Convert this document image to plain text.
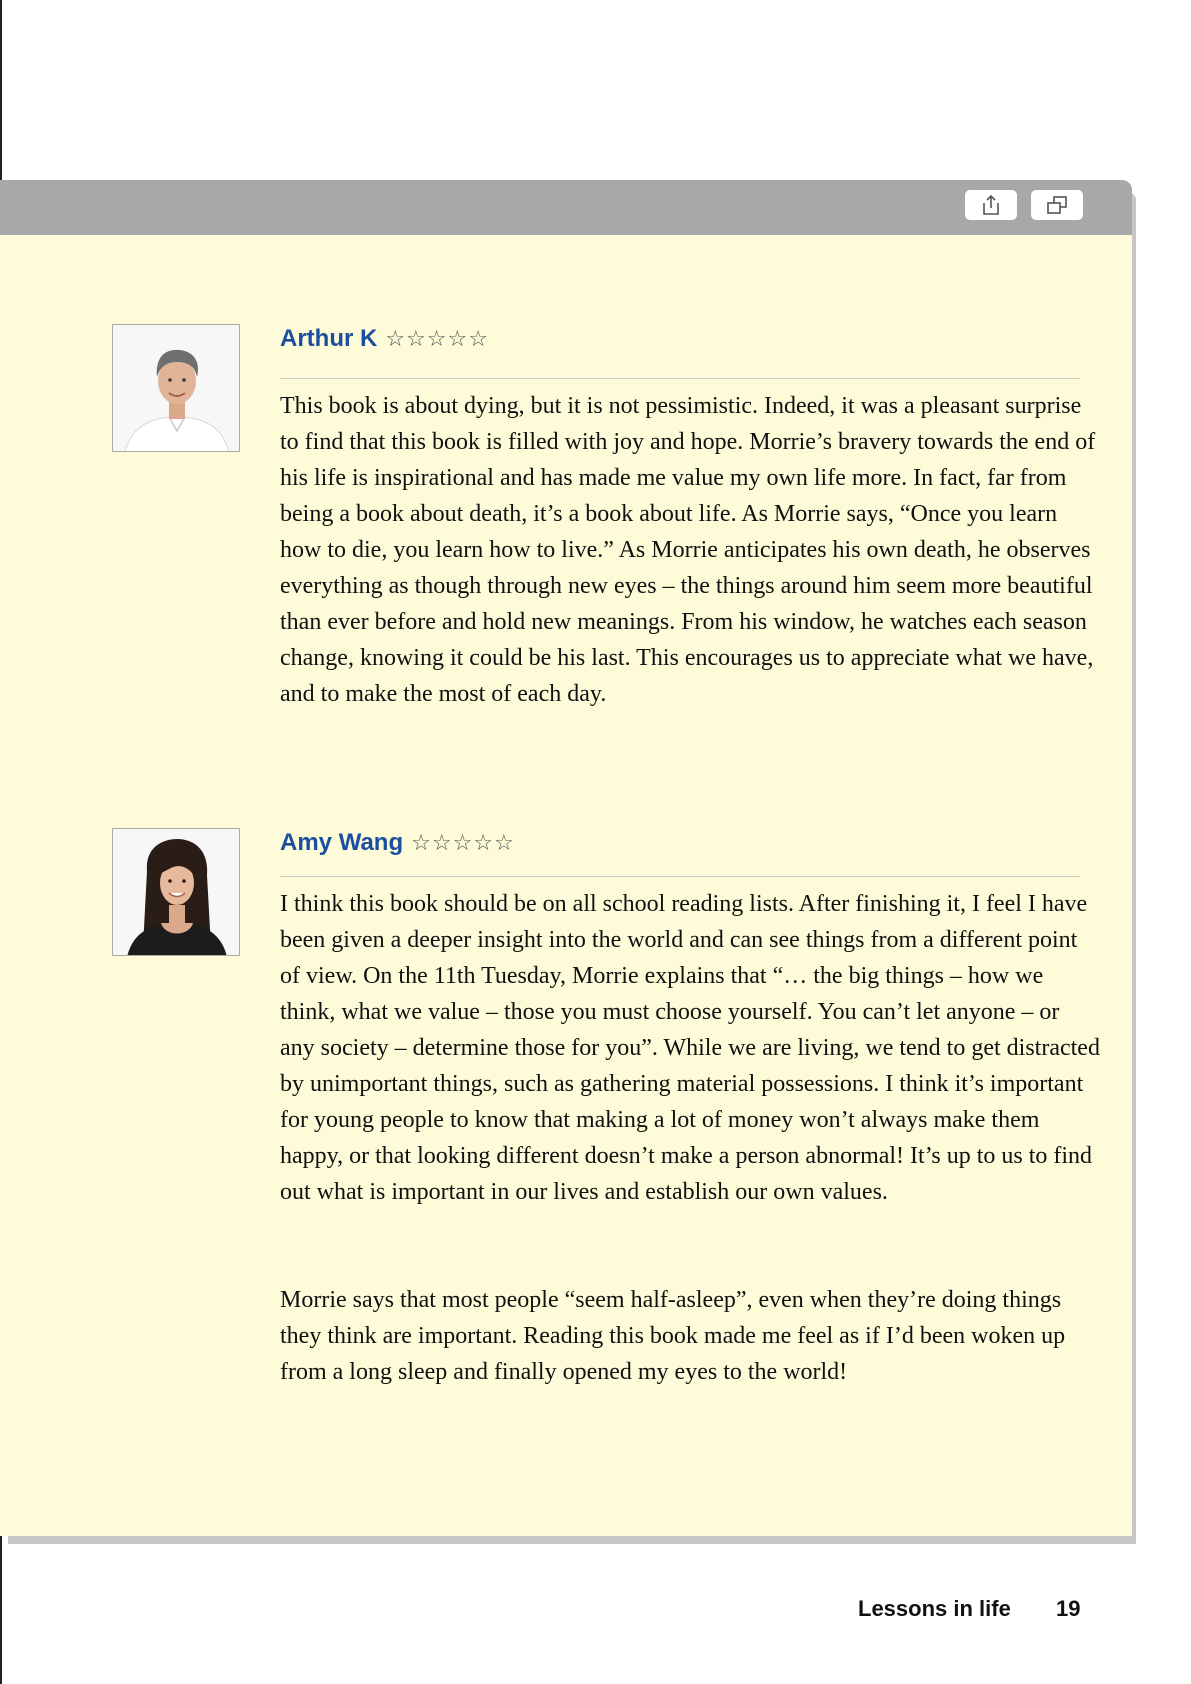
Arthur K ☆☆☆☆☆

This book is about dying, but it is not pessimistic. Indeed, it was a pleasant surprise to find that this book is filled with joy and hope. Morrie’s bravery towards the end of his life is inspirational and has made me value my own life more. In fact, far from being a book about death, it’s a book about life. As Morrie says, “Once you learn how to die, you learn how to live.” As Morrie anticipates his own death, he observes everything as though through new eyes – the things around him seem more beautiful than ever before and hold new meanings. From his window, he watches each season change, knowing it could be his last. This encourages us to appreciate what we have, and to make the most of each day.

Amy Wang ☆☆☆☆☆

I think this book should be on all school reading lists. After finishing it, I feel I have been given a deeper insight into the world and can see things from a different point of view. On the 11th Tuesday, Morrie explains that “… the big things – how we think, what we value – those you must choose yourself. You can’t let anyone – or any society – determine those for you”. While we are living, we tend to get distracted by unimportant things, such as gathering material possessions. I think it’s important for young people to know that making a lot of money won’t always make them happy, or that looking different doesn’t make a person abnormal! It’s up to us to find out what is important in our lives and establish our own values.

Morrie says that most people “seem half-asleep”, even when they’re doing things they think are important. Reading this book made me feel as if I’d been woken up from a long sleep and finally opened my eyes to the world!

Lessons in life 19
